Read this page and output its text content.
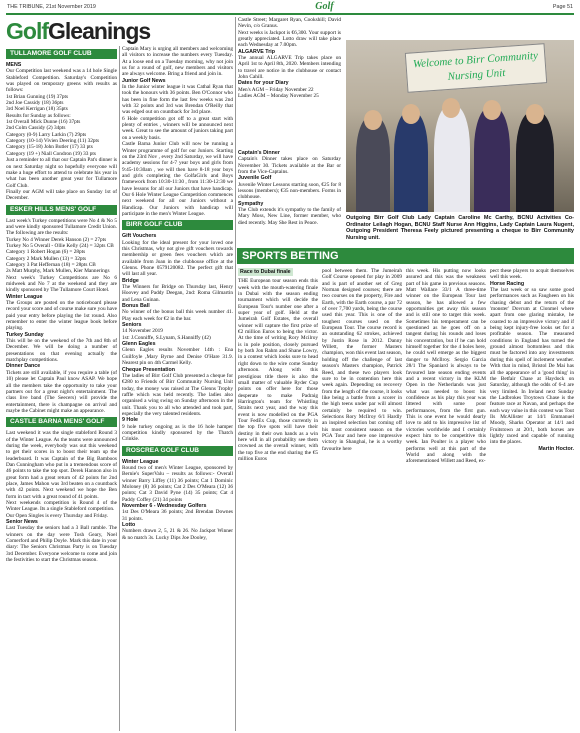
THE TRIBUNE, 21st November 2019	Golf	Page 51
GolfGleanings
TULLAMORE GOLF CLUB

MENS

Our Competition last weekend was a 14 hole Single Stableford Competition. Saturday's Competition was played on temporary greens with results as follows:

1st Brian Gunning (19) 37pts

2nd Joe Cassidy (18) 36pts

3rd Noel Kerrigan (18) 35pts

Results for Sunday as follows:

1st Overall Mick Dunne (16) 37pts

2nd Colm Cassidy (2) 34pts

Category (0-9) Larry Larkin (7) 29pts

Category (10-14) Vivien Deering (11) 32pts

Category (15-18) John Butler (17) 33 pts

Category (19 +) Niall Condron (19) 33 pts

Just a reminder to all that our Captain Pat's dinner is on next Saturday night so hopefully everyone will make a huge effort to attend to celebrate his year in what has been another great year for Tullamore Golf Club.

Finally our AGM will take place on Sunday 1st of December.

ESKER HILLS MENS' GOLF

Last week's Turkey competitions were No 4 & No 5 and were kindly sponsored Tullamore Credit Union. The following are the results:

Turkey No 4 Winner Derek Hanson (2) = 27pts

Turkey No 5 Overall - Ollie Kelly (24) = 32pts CB

Category 1 Robert Hogan (6) = 28pts

Category 2 Mark Mullen (13) = 32pts

Category 3 Pat Heffernan (18) = 28pts CB

2s Matt Murphy, Mark Mullen, Kier Mannerings

Next week's Turkey Competitions are No 6 midweek and No 7 at the weekend and they are kindly sponsored by The Tullamore Court Hotel.

Winter League

The Groups are posted on the noticeboard please record your score and of course make sure you have paid your entry before playing the 1st round. Also remember to enter the winter league book before playing.

Turkey Sunday

This will be on the weekend of the 7th and 8th of December. We will be doing a number of presentations on that evening actually the matchplay competitions.

Dinner Dance

Tickets are still available, if you require a table (of 10) please let Captain Paul know ASAP. We hope all the members take the opportunity to take your partners out for a great night's entertainment. The class live band (The Seecers) will provide the entertainment, there is champagne on arrival and maybe the Cabinet might make an appearance.

CASTLE BARNA MENS' GOLF

Last weekend it was the single stableford Round 3 of the Winter League. As the teams were announced during the week, everybody was out this weekend to get their scores in to boost their team up the leaderboard. It was Captain of the Big Bamboos Dan Cunningham who put in a tremendous score of 46 points to take the top spot. Derek Hannon also in great form had a great return of 42 points for 2nd place, James Mahon was 3rd beaten on a countback with 42 points. Next weekend we hope the Ben form in tact with a great round of 41 points.

Next weekends competition is Round 4 of the Winter League. Its a single Stableford competition.

Our Open Singles is every Thursday and Friday.

Senior News

Last Tuesday the seniors had a 3 Ball ramble. The winners on the day were Tosh Geary, Noel Comerford and Philip Doyle. Mark this date in your diary: The Seniors Christmas Party is on Tuesday 3rd December. Everyone welcome to come and join the festivities to start the Christmas season.

Captain Mary is urging all members and welcoming all visitors to increase the numbers every Tuesday. At a loose end on a Tuesday morning, why not join us for a round of golf, new members and visitors are always welcome. Bring a friend and join in.

Junior Golf News

In the Junior winter league it was Cathal Ryan that took the honours with 36 points. Ben O'Connor who has been in fine form the last few weeks was 2nd with 32 points and 3rd was Brendan O'Reilly that was edged out on countback for 3rd place.

6 Hole competition got off to a great start with plenty of entries , winners will be announced next week. Great to see the amount of juniors taking part on a weekly basis.

Castle Barna Junior Club will now be running a Winter programme of golf for our Juniors. Starting on the 23rd Nov , every 2nd Saturday, we will have academy sessions for 4-7 year boys and girls from 9:45-10:30am , we will then have 8-18 year boys and girls completing the GolfaGirls and Boys framework from 10:30-11:30 , from 11:30-12:30 we have lessons for all our Juniors that have handicap. Our 6 Hole Winter League Competition commences next weekend for all our Juniors without a Handicap. Our Juniors with handicap will participate in the men's Winter League.

BIRR GOLF CLUB

Gift Vouchers

Looking for the ideal present for your loved one this Christmas, why not give gift vouchers towards membership or green fees vouchers which are available from Joan in the clubhouse office at the Glenns. Phone 0579120082. The perfect gift that will last all year.

Bridge

The Winners for Bridge on Thursday last, Henry Hoovey and Paddy Deegan, 2nd: Roma Gilmartin and Lena Guinan.

Bonus Ball

No winner of the bonus ball this week number 41. Play each week for €2 in the bar.

Seniors

14 November 2019

1st: J.Conniffe, S.Lynam, S.Hanniffy (42)

Glenn Eagles

Glenn Eagles results November 14th : Ena Guilfoyle ,Mary Byrne and Denise O'Hare 31.9. Nearest pin on 4th Carmel Kelly.

Cheque Presentation

The ladies of Birr Golf Club presented a cheque for €280 to Friends of Birr Community Nursing Unit today, the money was raised at The Glenns Trophy raffle which was held recently. The ladies also organised a wing swing on Sunday afternoon in the unit. Thank you to all who attended and took part, especially the very talented residents.

9 Hole

9 hole turkey ongoing as is the 16 hole hamper competition kindly sponsored by the Thatch Crinkle.

ROSCREA GOLF CLUB

Winter League

Round two of men's Winter League, sponsored by Bernie's SuperValu – results as follows:- Overall winner Barry Liffey (11) 36 points; Cat 1 Dominic Moloney (8) 36 points; Cat 2 Des O'Meara (12) 36 points; Cat 3 David Pyne (14) 35 points; Cat 4 Paddy Coffey (21) 34 points

November 6 - Wednesday Golfers

1st Des O'Meara 36 points; 2nd Brendan Downes 31 points.

Lotto

Numbers drawn 2, 5, 21 & 26. No Jackpot Winner & no match 3s. Lucky Dips Joe Dooley,

Castle Street; Margaret Ryan, Cookshill; David Nevin, c/o Granus.

Next weeks is Jackpot is €6,300. Your support is greatly appreciated. Lotto draw will take place each Wednesday at 7.00pm.

ALGARVE Trip

The annual ALGARVE Trip takes place on April 1st to April 8th, 2020. Members intending to travel are notice in the clubhouse or contact John Cahill.

Dates for your Diary

Men's AGM – Friday November 22

Ladies AGM – Monday November 25

Welcome to Birr Community Nursing Unit
Outgoing Birr Golf Club Lady Captain Caroline Mc Carthy, BCNU Activities Co-Ordinator Leilagh Hogan, BCNU Staff Nurse Ann Higgins, Lady Captain Laura Nugent, Outgoing President Theresa Feely pictured presenting a cheque to Birr Community Nursing unit.
SPORTS BETTING
Race to Dubai finale

THE European tour season ends this week with the mouth-watering finale in Dubai with the season ending tournament which will decide the European Tour's number one after a super year of golf. Held at the Jumeirah Golf Estates, the overall winner will capture the first prize of €2 million Euros to being the victor. At the time of writing Rory Mcilroy is in pole position, closely pursued by both Jon Rahm and Shane Lowry, in a contest which looks sure to head right down to the wire come Sunday afternoon. Along with this prestigious title there is also the small matter of valuable Ryder Cup points on offer here for those desperate to make Padraig Harrington's team for Whistling Straits next year, and the way this event is now modelled on the PGA Tour FedEx Cup, those currently in the top five spots will have their destiny in their own hands as a win here will in all probability see them crowned as the overall winner, with the top five at the end sharing the €5 million Euros

pool between them. The Jumeirah Golf Course opened for play in 2009 and is part of another set of Greg Norman designed courses; there are two courses on the property, Fire and Earth, with the Earth course, a par 72 of over 7,700 yards, being the course used this year. This is one of the toughest courses used on the European Tour. The course record is an outstanding 62 strokes, achieved by Justin Rose in 2012. Danny Willett, the former Masters champion, won this event last season, holding off the challenge of last season's Masters champion, Patrick Reed, and these two players look sure to be in contention here this week again. Depending on recovery from the length of the course, it looks like being a battle from a scorer in the high teens under par will almost certainly be required to win. Selections Rory McIlroy 6/1 Hardly an inspired selection but coming off his most consistent season on the PGA Tour and here one impressive victory in Shanghai, he is a worthy favourite here

this week. His putting now looks assured and this was the weakness part of his game in previous seasons. Matt Wallace 33/1 A three-time winner on the European Tour last season, he has allowed a few opportunities get away this season and is still one to target this week. Sometimes his temperament can be questioned as he goes off on a tangent during his rounds and loses his concentration, but if he can hold himself together for the 4 holes here, he could well emerge as the biggest danger to McIlroy. Sergio Garcia 28/1 The Spaniard is always to be favoured late season ending events and a recent victory in the KLM Open in the Netherlands was just what was needed to boost his confidence as his play this year was littered with some poor performances, from the first gun. This is one event he would dearly love to add to his impressive list of victories worldwide and I certainly expect him to be competitive this week. Ian Poulter is a player who performs well at this part of the World and along with the aforementioned Willett and Reed, ex-

pect these players to acquit themselves well this week.

Horse Racing

The last week or so saw some good performances such as Faugheen on his chasing debut and the return of the 'monster' Dovrum at Clonmel where apart from one glaring mistake, he coasted to an impressive victory and if being kept injury-free looks set for a profitable season. The measured conditions in England has turned the ground almost bottomless and this must be factored into any investments during this spell of inclement weather. With that in mind, Bristol De Mai has all the appearance of a 'good thing' in the Betfair Chase at Haydock on Saturday, although the odds of 6-4 are very limited. In Ireland next Sunday the Ladbrokes Troytown Chase is the feature race at Navan, and perhaps the each way value in this contest was Tout Ils McAllister at 14/1 Emmanuel Moody, Sharks Operator at 14/1 and Fruitstown at 20/1, both horses are lightly raced and capable of running into the places.

Martin Hoctor.

Captain's Dinner

Captain's Dinner takes place on Saturday November 30. Tickets available at the Bar or from the Vice-Captains.

Juvenile Golf

Juvenile Winter Lessons starting soon, €25 for 8 lessons (members); €35 non-members. Forms in clubhouse.

Sympathy

The Club extends it's sympathy to the family of Mary Moss, New Line, former member, who died recently. May She Rest in Peace.
